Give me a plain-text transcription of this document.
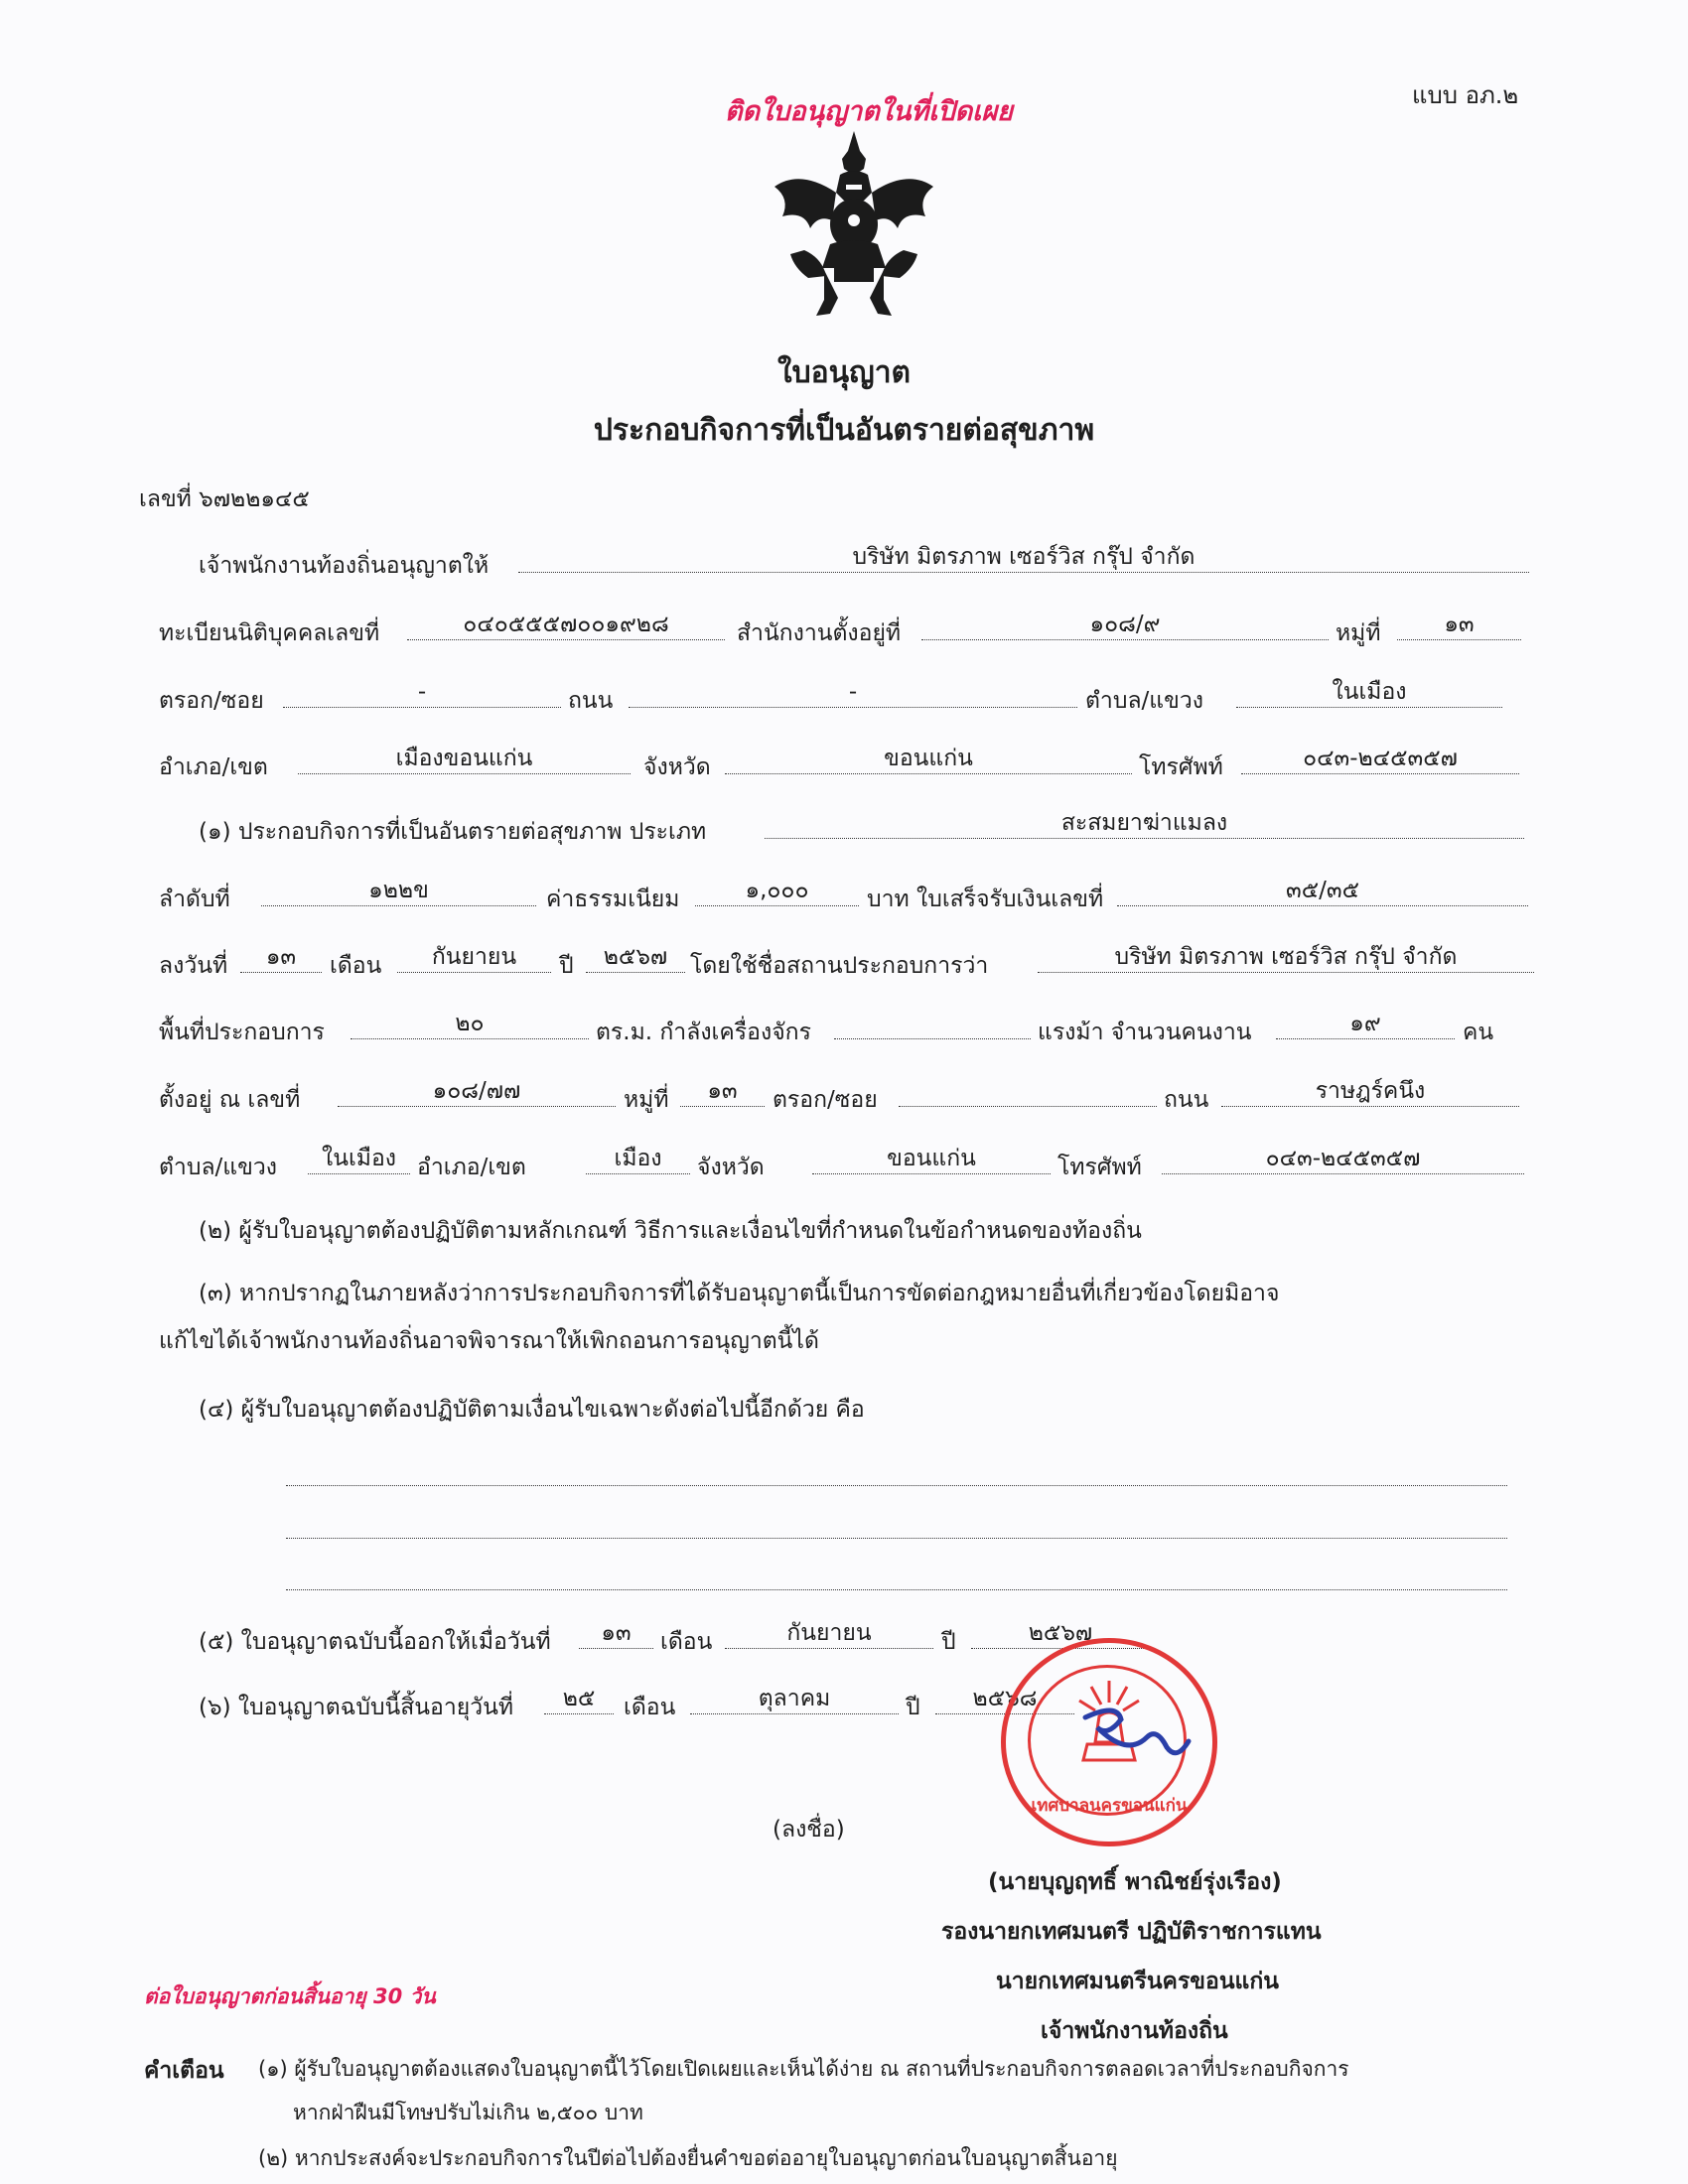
แบบ อภ.๒
ติดใบอนุญาตในที่เปิดเผย
ใบอนุญาต
ประกอบกิจการที่เป็นอันตรายต่อสุขภาพ
เลขที่ ๖๗๒๒๑๔๕
เจ้าพนักงานท้องถิ่นอนุญาตให้	บริษัท มิตรภาพ เซอร์วิส กรุ๊ป จำกัด
ทะเบียนนิติบุคคลเลขที่	๐๔๐๕๕๕๗๐๐๑๙๒๘	สำนักงานตั้งอยู่ที่	๑๐๘/๙	หมู่ที่	๑๓
ตรอก/ซอย	-	ถนน	-	ตำบล/แขวง	ในเมือง
อำเภอ/เขต	เมืองขอนแก่น	จังหวัด	ขอนแก่น	โทรศัพท์	๐๔๓-๒๔๕๓๕๗
(๑) ประกอบกิจการที่เป็นอันตรายต่อสุขภาพ ประเภท	สะสมยาฆ่าแมลง
ลำดับที่	๑๒๒ข	ค่าธรรมเนียม	๑,๐๐๐	บาท ใบเสร็จรับเงินเลขที่	๓๕/๓๕
ลงวันที่	๑๓	เดือน	กันยายน	ปี	๒๕๖๗ โดยใช้ชื่อสถานประกอบการว่า	บริษัท มิตรภาพ เซอร์วิส กรุ๊ป จำกัด
พื้นที่ประกอบการ	๒๐	ตร.ม. กำลังเครื่องจักร	แรงม้า จำนวนคนงาน	๑๙	คน
ตั้งอยู่ ณ เลขที่	๑๐๘/๗๗	หมู่ที่	๑๓	ตรอก/ซอย	ถนน	ราษฎร์คนึง
ตำบล/แขวง	ในเมือง อำเภอ/เขต	เมือง	จังหวัด	ขอนแก่น	โทรศัพท์	๐๔๓-๒๔๕๓๕๗
(๒) ผู้รับใบอนุญาตต้องปฏิบัติตามหลักเกณฑ์ วิธีการและเงื่อนไขที่กำหนดในข้อกำหนดของท้องถิ่น
(๓) หากปรากฏในภายหลังว่าการประกอบกิจการที่ได้รับอนุญาตนี้เป็นการขัดต่อกฎหมายอื่นที่เกี่ยวข้องโดยมิอาจ
แก้ไขได้เจ้าพนักงานท้องถิ่นอาจพิจารณาให้เพิกถอนการอนุญาตนี้ได้
(๔) ผู้รับใบอนุญาตต้องปฏิบัติตามเงื่อนไขเฉพาะดังต่อไปนี้อีกด้วย คือ
(๕) ใบอนุญาตฉบับนี้ออกให้เมื่อวันที่	๑๓	เดือน	กันยายน	ปี	๒๕๖๗
(๖) ใบอนุญาตฉบับนี้สิ้นอายุวันที่	๒๕	เดือน	ตุลาคม	ปี	๒๕๖๘
เทศบาลนครขอนแก่น
(ลงชื่อ)
(นายบุญฤทธิ์ พาณิชย์รุ่งเรือง)
รองนายกเทศมนตรี ปฏิบัติราชการแทน
นายกเทศมนตรีนครขอนแก่น
เจ้าพนักงานท้องถิ่น
ต่อใบอนุญาตก่อนสิ้นอายุ 30 วัน
คำเตือน (๑) ผู้รับใบอนุญาตต้องแสดงใบอนุญาตนี้ไว้โดยเปิดเผยและเห็นได้ง่าย ณ สถานที่ประกอบกิจการตลอดเวลาที่ประกอบกิจการ
หากฝ่าฝืนมีโทษปรับไม่เกิน ๒,๕๐๐ บาท
(๒) หากประสงค์จะประกอบกิจการในปีต่อไปต้องยื่นคำขอต่ออายุใบอนุญาตก่อนใบอนุญาตสิ้นอายุ
